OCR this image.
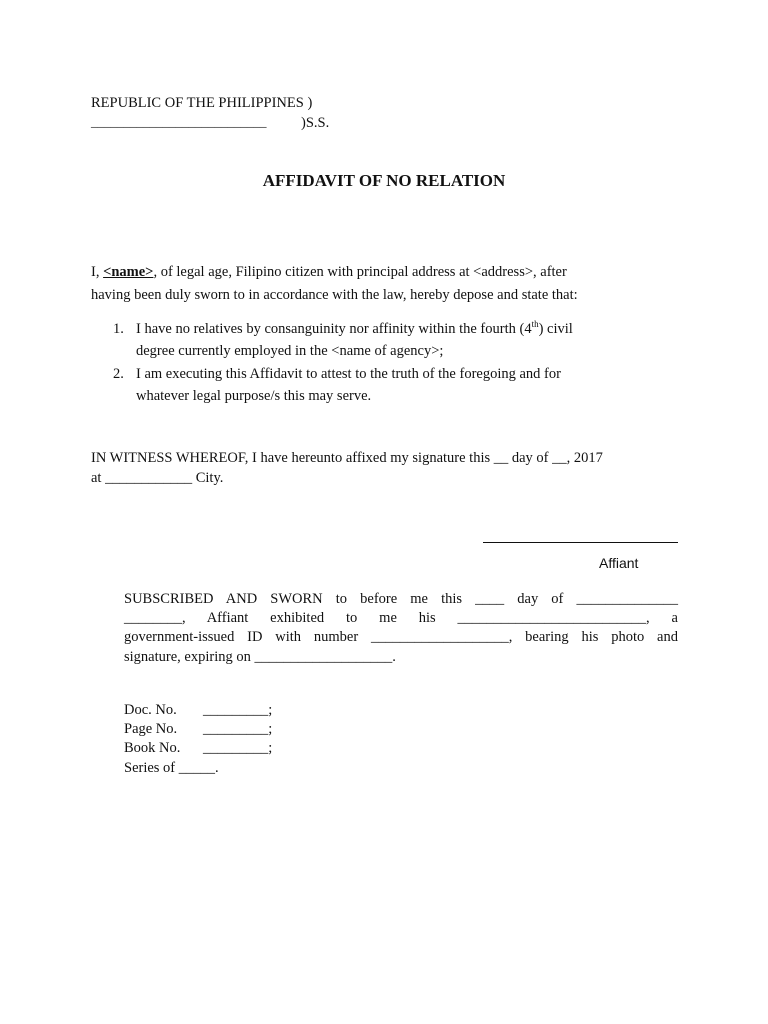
REPUBLIC OF THE PHILIPPINES )
___________________________ )S.S.
AFFIDAVIT OF NO RELATION
I, <name>, of legal age, Filipino citizen with principal address at <address>, after
having been duly sworn to in accordance with the law, hereby depose and state that:
1. I have no relatives by consanguinity nor affinity within the fourth (4th) civil
degree currently employed in the <name of agency>;
2. I am executing this Affidavit to attest to the truth of the foregoing and for
whatever legal purpose/s this may serve.
IN WITNESS WHEREOF, I have hereunto affixed my signature this __ day of __, 2017
at ____________ City.
Affiant
SUBSCRIBED AND SWORN to before me this ____ day of ______________
________, Affiant exhibited to me his __________________________, a
government-issued ID with number ___________________, bearing his photo and
signature, expiring on ___________________.
Doc. No. _________;
Page No. _________;
Book No. _________;
Series of _____.
